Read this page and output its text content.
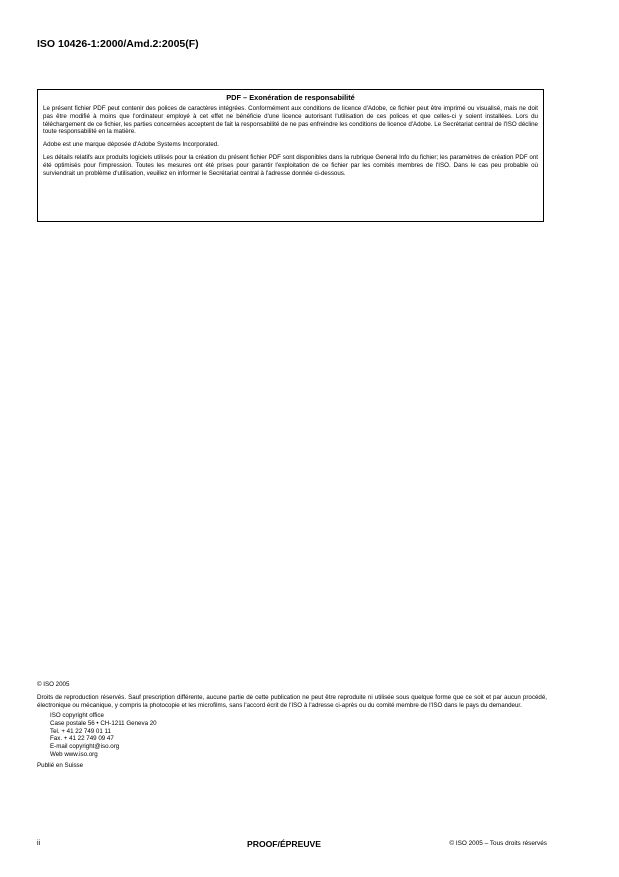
ISO 10426-1:2000/Amd.2:2005(F)
PDF – Exonération de responsabilité

Le présent fichier PDF peut contenir des polices de caractères intégrées. Conformément aux conditions de licence d'Adobe, ce fichier peut être imprimé ou visualisé, mais ne doit pas être modifié à moins que l'ordinateur employé à cet effet ne bénéficie d'une licence autorisant l'utilisation de ces polices et que celles-ci y soient installées. Lors du téléchargement de ce fichier, les parties concernées acceptent de fait la responsabilité de ne pas enfreindre les conditions de licence d'Adobe. Le Secrétariat central de l'ISO décline toute responsabilité en la matière.

Adobe est une marque déposée d'Adobe Systems Incorporated.

Les détails relatifs aux produits logiciels utilisés pour la création du présent fichier PDF sont disponibles dans la rubrique General Info du fichier; les paramètres de création PDF ont été optimisés pour l'impression. Toutes les mesures ont été prises pour garantir l'exploitation de ce fichier par les comités membres de l'ISO. Dans le cas peu probable où surviendrait un problème d'utilisation, veuillez en informer le Secrétariat central à l'adresse donnée ci-dessous.

© ISO 2005

Droits de reproduction réservés. Sauf prescription différente, aucune partie de cette publication ne peut être reproduite ni utilisée sous quelque forme que ce soit et par aucun procédé, électronique ou mécanique, y compris la photocopie et les microfilms, sans l'accord écrit de l'ISO à l'adresse ci-après ou du comité membre de l'ISO dans le pays du demandeur.

ISO copyright office
Case postale 56 • CH-1211 Geneva 20
Tel. + 41 22 749 01 11
Fax. + 41 22 749 09 47
E-mail copyright@iso.org
Web www.iso.org

Publié en Suisse

ii	PROOF/ÉPREUVE	© ISO 2005 – Tous droits réservés
